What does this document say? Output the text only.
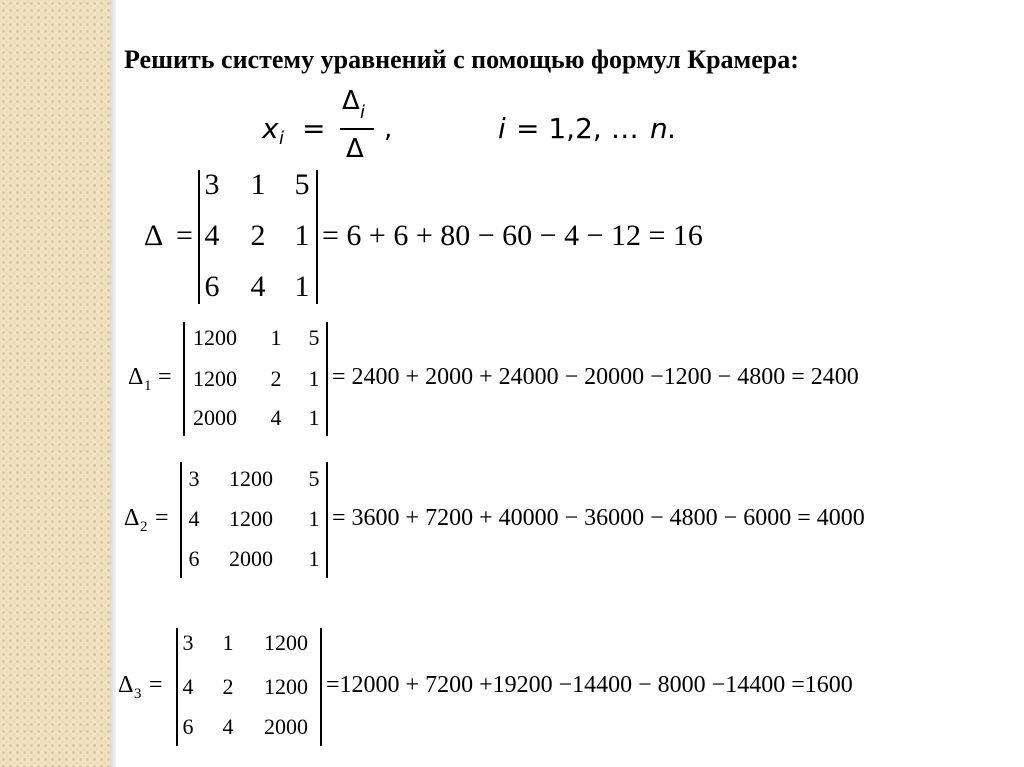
Решить систему уравнений с помощью формул Крамера:
x i =
Δ i
Δ
,	i = 1,2, … n .
Δ =
3 1 5
4 2 1
6 4 1
= 6 + 6 + 80 − 60 − 4 − 12 = 16
Δ 1 =
1200	1 5
1200	2 1
2000	4 1
= 2400 + 2000 + 24000 − 20000 −1200 − 4800 = 2400
Δ 2 =
3	1200	5
4	1200	1
6	2000	1
= 3600 + 7200 + 40000 − 36000 − 4800 − 6000 = 4000
Δ 3 =
3 1	1200
4 2	1200
6 4	2000
=12000 + 7200 +19200 −14400 − 8000 −14400 =1600
